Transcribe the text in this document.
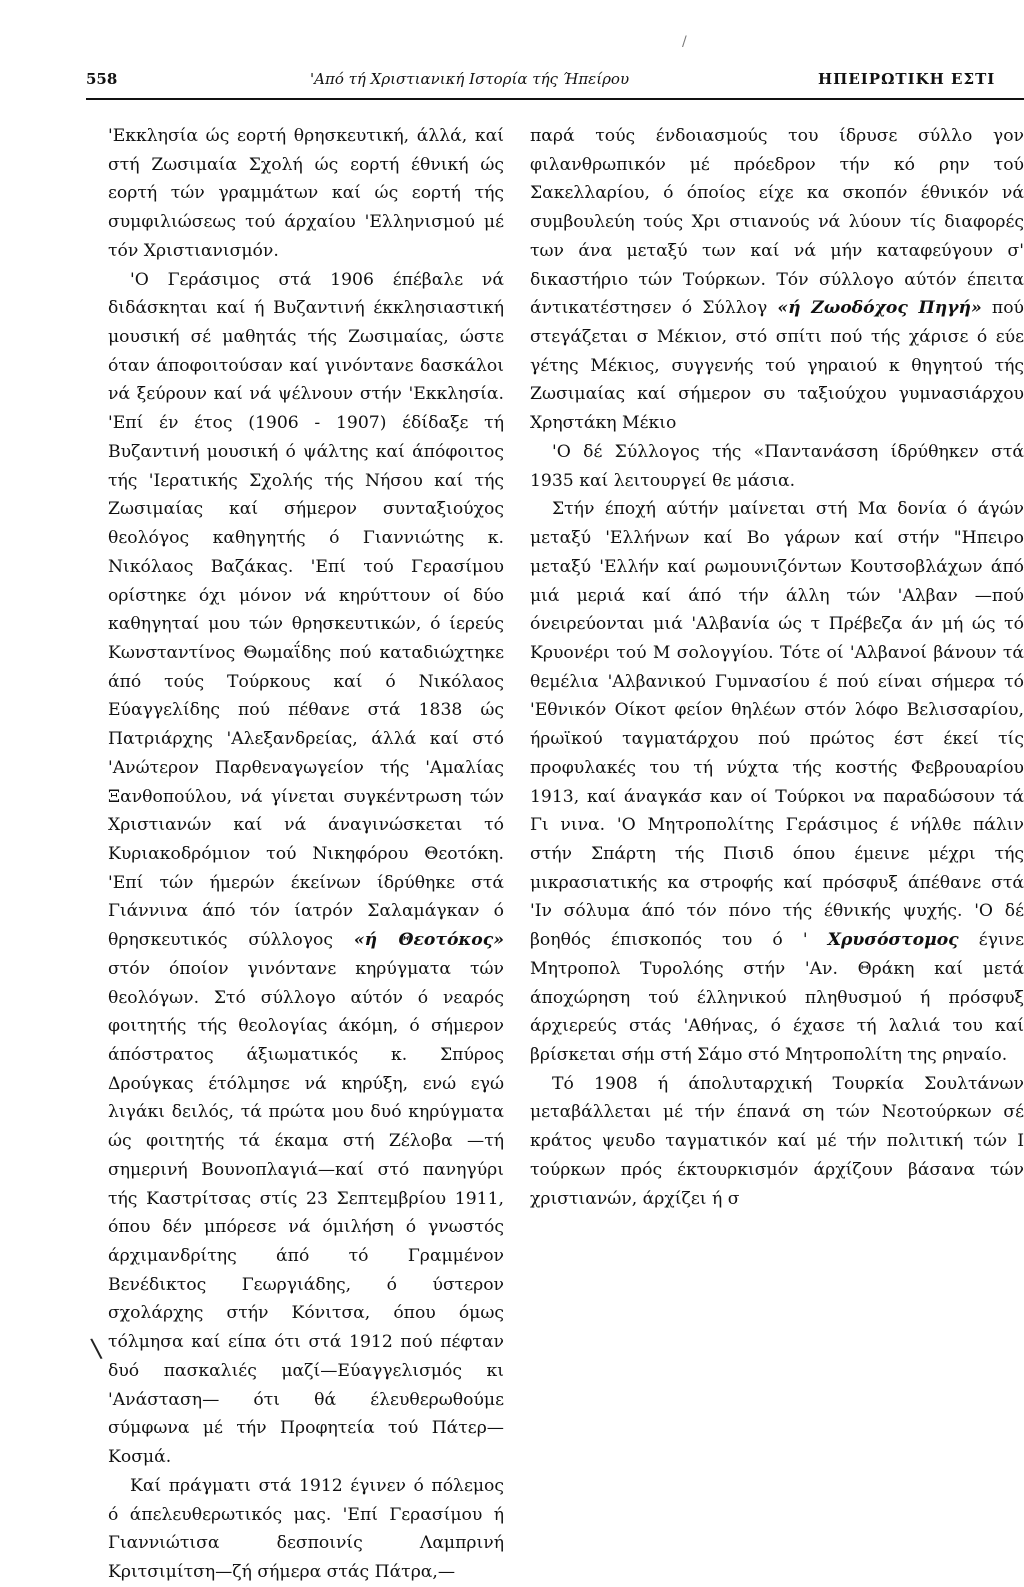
/
558	'Από τή Χριστιανική Ιστορία τής Ήπείρου	ΗΠΕΙΡΩΤΙΚΗ ΕΣΤΙ

'Εκκλησία ώς εορτή θρησκευτική, άλλά, καί στή Ζωσιμαία Σχολή ώς εορτή έθνική ώς εορτή τών γραμμάτων καί ώς εορτή τής συμφιλιώσεως τού άρχαίου 'Ελληνισμού μέ τόν Χριστιανισμόν.

'Ο Γεράσιμος στά 1906 έπέβαλε νά διδάσκηται καί ή Βυζαντινή έκκλησιαστική μουσική σέ μαθητάς τής Ζωσιμαίας, ώστε όταν άποφοιτούσαν καί γινόντανε δασκάλοι νά ξεύρουν καί νά ψέλνουν στήν 'Εκκλησία. 'Επί έν έτος (1906 - 1907) έδίδαξε τή Βυζαντινή μουσική ό ψάλτης καί άπόφοιτος τής 'Ιερατικής Σχολής τής Νήσου καί τής Ζωσιμαίας καί σήμερον συνταξιούχος θεολόγος καθηγητής ό Γιαννιώτης κ. Νικόλαος Βαζάκας. 'Επί τού Γερασίμου ορίστηκε όχι μόνον νά κηρύττουν οί δύο καθηγηταί μου τών θρησκευτικών, ό ίερεύς Κωνσταντίνος Θωμαΐδης πού καταδιώχτηκε άπό τούς Τούρκους καί ό Νικόλαος Εύαγγελίδης πού πέθανε στά 1838 ώς Πατριάρχης 'Αλεξανδρείας, άλλά καί στό 'Ανώτερον Παρθεναγωγείον τής 'Αμαλίας Ξανθοπούλου, νά γίνεται συγκέντρωση τών Χριστιανών καί νά άναγινώσκεται τό Κυριακοδρόμιον τού Νικηφόρου Θεοτόκη. 'Επί τών ήμερών έκείνων ίδρύθηκε στά Γιάννινα άπό τόν ίατρόν Σαλαμάγκαν ό θρησκευτικός σύλλογος «ή Θεοτόκος» στόν όποίον γινόντανε κηρύγματα τών θεολόγων. Στό σύλλογο αύτόν ό νεαρός φοιτητής τής θεολογίας άκόμη, ό σήμερον άπόστρατος άξιωματικός κ. Σπύρος Δρούγκας έτόλμησε νά κηρύξη, ενώ εγώ λιγάκι δειλός, τά πρώτα μου δυό κηρύγματα ώς φοιτητής τά έκαμα στή Ζέλοβα —τή σημερινή Βουνοπλαγιά—καί στό πανηγύρι τής Καστρίτσας στίς 23 Σεπτεμβρίου 1911, όπου δέν μπόρεσε νά όμιλήση ό γνωστός άρχιμανδρίτης άπό τό Γραμμένον Βενέδικτος Γεωργιάδης, ό ύστερον σχολάρχης στήν Κόνιτσα, όπου όμως τόλμησα καί είπα ότι στά 1912 πού πέφταν δυό πασκαλιές μαζί—Εύαγγελισμός κι 'Ανάσταση— ότι θά έλευθερωθούμε σύμφωνα μέ τήν Προφητεία τού Πάτερ—Κοσμά.

Καί πράγματι στά 1912 έγινεν ό πόλεμος ό άπελευθερωτικός μας. 'Επί Γερασίμου ή Γιαννιώτισα δεσποινίς Λαμπρινή Κριτσιμίτση—ζή σήμερα στάς Πάτρα,—

παρά τούς ένδοιασμούς του ίδρυσε σύλλο γον φιλανθρωπικόν μέ πρόεδρον τήν κό ρην τού Σακελλαρίου, ό όποίος είχε κα σκοπόν έθνικόν νά συμβουλεύη τούς Χρι στιανούς νά λύουν τίς διαφορές των άνα μεταξύ των καί νά μήν καταφεύγουν σ' δικαστήριο τών Τούρκων. Τόν σύλλογο αύτόν έπειτα άντικατέστησεν ό Σύλλογ «ή Ζωοδόχος Πηγή» πού στεγάζεται σ Μέκιον, στό σπίτι πού τής χάρισε ό εύε γέτης Μέκιος, συγγενής τού γηραιού κ θηγητού τής Ζωσιμαίας καί σήμερον συ ταξιούχου γυμνασιάρχου Χρηστάκη Μέκιο

'Ο δέ Σύλλογος τής «Παντανάσση ίδρύθηκεν στά 1935 καί λειτουργεί θε μάσια.

Στήν έποχή αύτήν μαίνεται στή Μα δονία ό άγών μεταξύ 'Ελλήνων καί Βο γάρων καί στήν "Ηπειρο μεταξύ 'Ελλήν καί ρωμουνιζόντων Κουτσοβλάχων άπό μιά μεριά καί άπό τήν άλλη τών 'Αλβαν —πού όνειρεύονται μιά 'Αλβανία ώς τ Πρέβεζα άν μή ώς τό Κρυονέρι τού Μ σολογγίου. Τότε οί 'Αλβανοί βάνουν τά θεμέλια 'Αλβανικού Γυμνασίου έ πού είναι σήμερα τό 'Εθνικόν Οίκοτ φείον θηλέων στόν λόφο Βελισσαρίου, ήρωϊκού ταγματάρχου πού πρώτος έστ έκεί τίς προφυλακές του τή νύχτα τής κοστής Φεβρουαρίου 1913, καί άναγκάσ καν οί Τούρκοι να παραδώσουν τά Γι νινα. 'Ο Μητροπολίτης Γεράσιμος έ νήλθε πάλιν στήν Σπάρτη τής Πισιδ όπου έμεινε μέχρι τής μικρασιατικής κα στροφής καί πρόσφυξ άπέθανε στά 'Ιν σόλυμα άπό τόν πόνο τής έθνικής ψυχής. 'Ο δέ βοηθός έπισκοπός του ό ' Χρυσόστομος έγινε Μητροπολ Τυρολόης στήν 'Αν. Θράκη καί μετά άποχώρηση τού έλληνικού πληθυσμού ή πρόσφυξ άρχιερεύς στάς 'Αθήνας, ό έχασε τή λαλιά του καί βρίσκεται σήμ στή Σάμο στό Μητροπολίτη της ρηναίο.

Τό 1908 ή άπολυταρχική Τουρκία Σουλτάνων μεταβάλλεται μέ τήν έπανά ση τών Νεοτούρκων σέ κράτος ψευδο ταγματικόν καί μέ τήν πολιτική τών Ι τούρκων πρός έκτουρκισμόν άρχίζουν βάσανα τών χριστιανών, άρχίζει ή σ

\
